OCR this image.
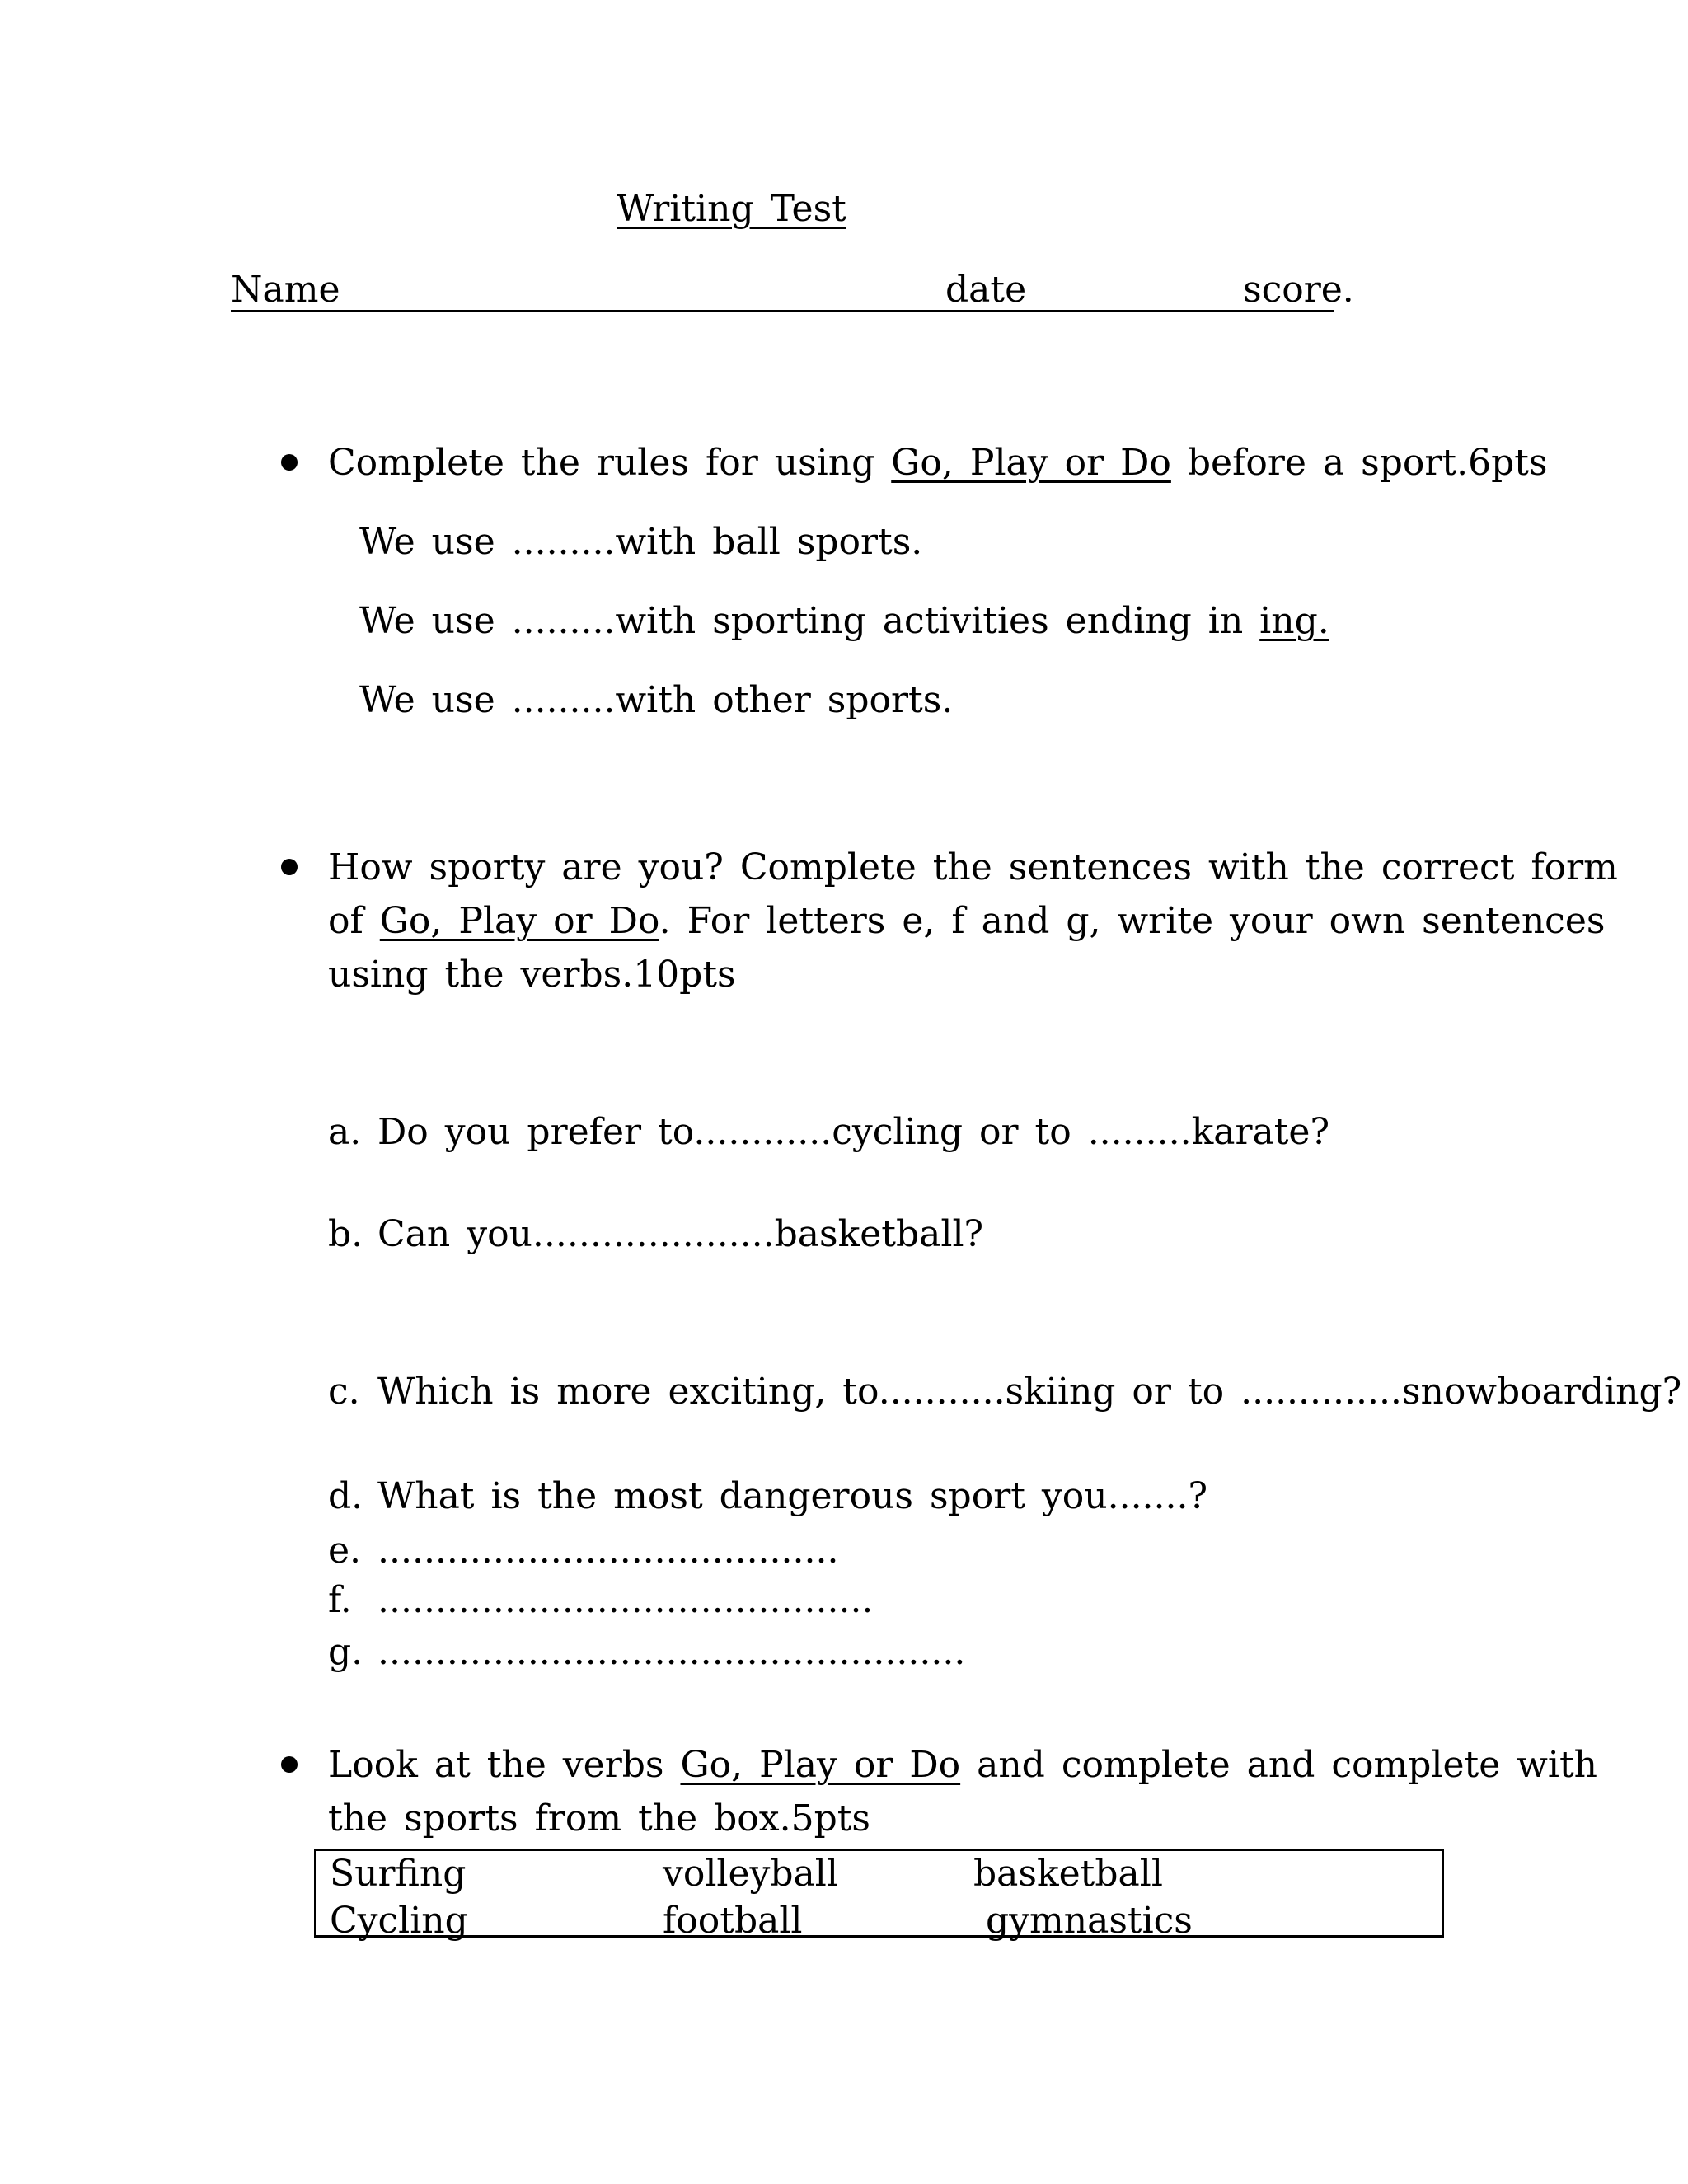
Writing Test
Name	date	score.
Complete the rules for using Go, Play or Do before a sport.6pts
We use .........with ball sports.
We use .........with sporting activities ending in ing.
We use .........with other sports.
How sporty are you? Complete the sentences with the correct form
of Go, Play or Do. For letters e, f and g, write your own sentences
using the verbs.10pts
a. Do you prefer to............cycling or to .........karate?
b. Can you.....................basketball?
c. Which is more exciting, to...........skiing or to ..............snowboarding?
d. What is the most dangerous sport you.......?
e. ........................................
f. ...........................................
g. ...................................................
Look at the verbs Go, Play or Do and complete and complete with
the sports from the box.5pts
Surfing	volleyball	basketball
Cycling	football	gymnastics
